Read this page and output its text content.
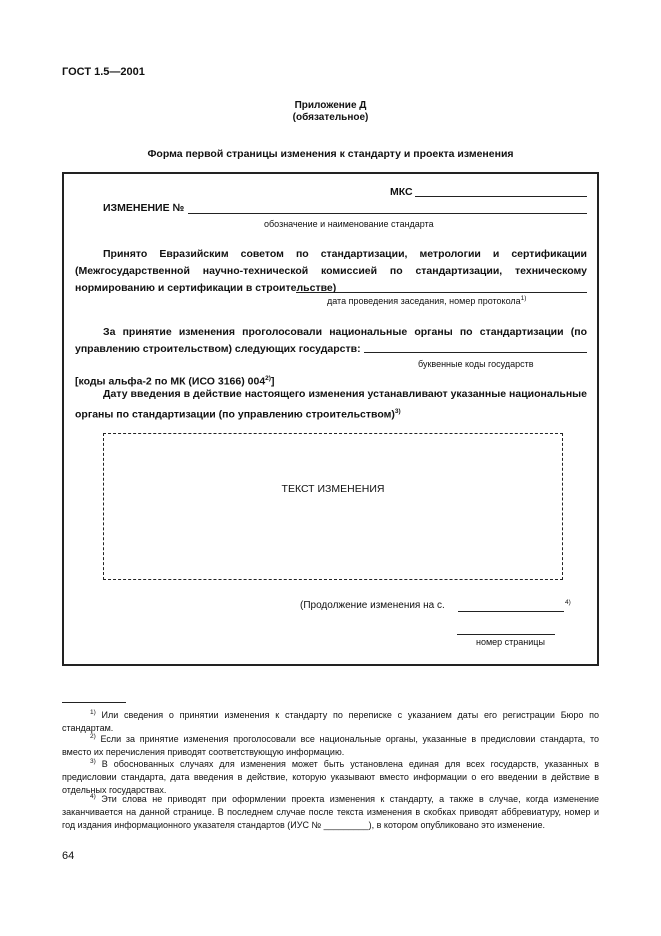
ГОСТ 1.5—2001
Приложение Д
(обязательное)
Форма первой страницы изменения к стандарту и проекта изменения
МКС
ИЗМЕНЕНИЕ №
обозначение и наименование стандарта
Принято Евразийским советом по стандартизации, метрологии и сертификации (Межгосударственной научно-технической комиссией по стандартизации, техническому нормированию и сертификации в строительстве)
дата проведения заседания, номер протокола$^{1)}$
За принятие изменения проголосовали национальные органы по стандартизации (по управлению строительством) следующих государств:
буквенные коды государств
[коды альфа-2 по МК (ИСО 3166) 004$^{2)}$]
Дату введения в действие настоящего изменения устанавливают указанные национальные органы по стандартизации (по управлению строительством)$^{3)}$
ТЕКСТ ИЗМЕНЕНИЯ
(Продолжение изменения на с.	4)
номер страницы
$^{1)}$ Или сведения о принятии изменения к стандарту по переписке с указанием даты его регистрации Бюро по стандартам.
$^{2)}$ Если за принятие изменения проголосовали все национальные органы, указанные в предисловии стандарта, то вместо их перечисления приводят соответствующую информацию.
$^{3)}$ В обоснованных случаях для изменения может быть установлена единая для всех государств, указанных в предисловии стандарта, дата введения в действие, которую указывают вместо информации о его введении в действие в отдельных государствах.
$^{4)}$ Эти слова не приводят при оформлении проекта изменения к стандарту, а также в случае, когда изменение заканчивается на данной странице. В последнем случае после текста изменения в скобках приводят аббревиатуру, номер и год издания информационного указателя стандартов (ИУС № _________), в котором опубликовано это изменение.
64
